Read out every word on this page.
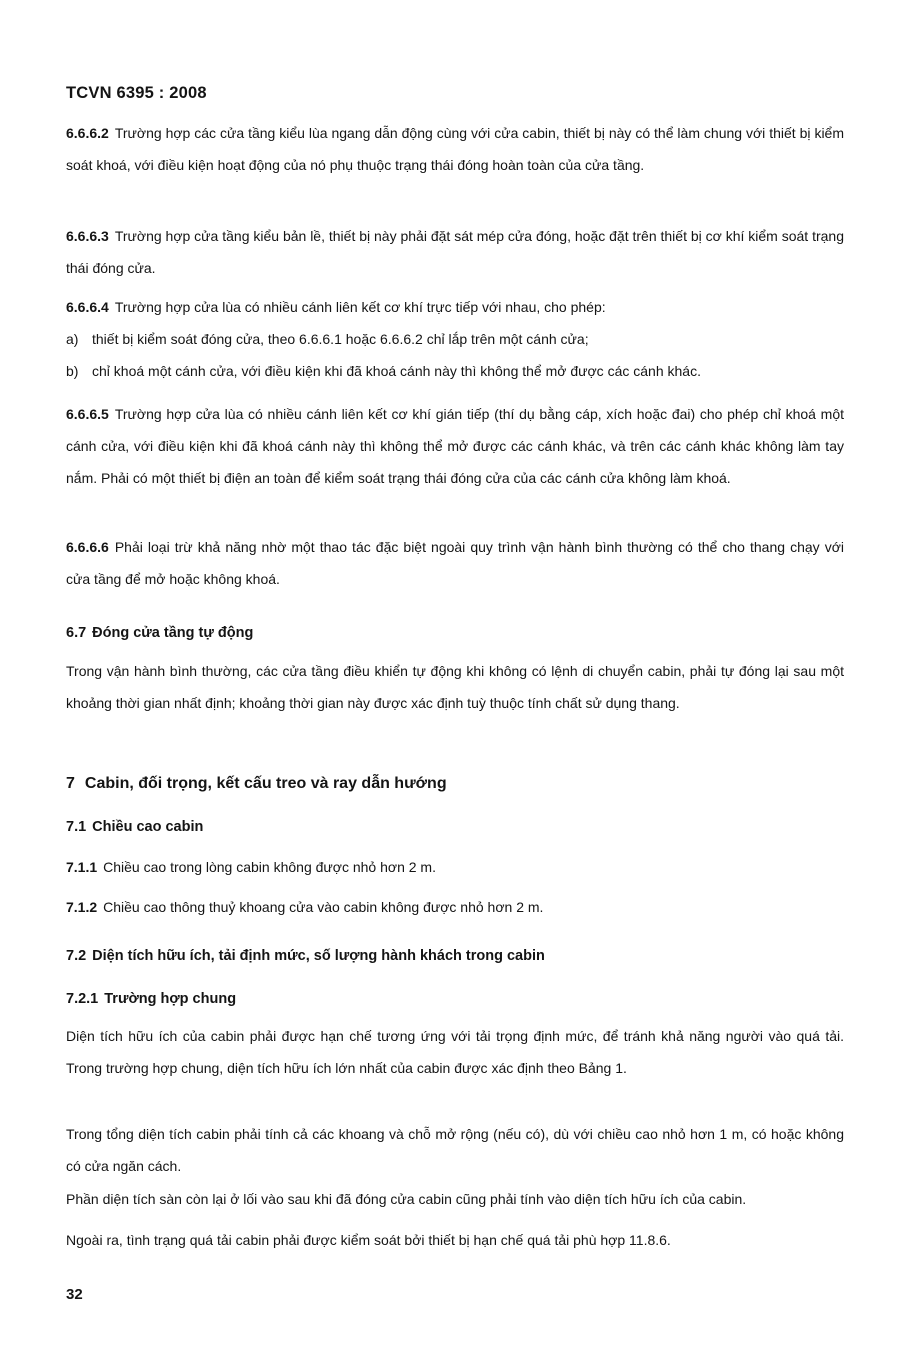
TCVN 6395 : 2008

6.6.6.2 Trường hợp các cửa tầng kiểu lùa ngang dẫn động cùng với cửa cabin, thiết bị này có thể làm chung với thiết bị kiểm soát khoá, với điều kiện hoạt động của nó phụ thuộc trạng thái đóng hoàn toàn của cửa tầng.

6.6.6.3 Trường hợp cửa tầng kiểu bản lề, thiết bị này phải đặt sát mép cửa đóng, hoặc đặt trên thiết bị cơ khí kiểm soát trạng thái đóng cửa.

6.6.6.4 Trường hợp cửa lùa có nhiều cánh liên kết cơ khí trực tiếp với nhau, cho phép:

a) thiết bị kiểm soát đóng cửa, theo 6.6.6.1 hoặc 6.6.6.2 chỉ lắp trên một cánh cửa;
b) chỉ khoá một cánh cửa, với điều kiện khi đã khoá cánh này thì không thể mở được các cánh khác.

6.6.6.5 Trường hợp cửa lùa có nhiều cánh liên kết cơ khí gián tiếp (thí dụ bằng cáp, xích hoặc đai) cho phép chỉ khoá một cánh cửa, với điều kiện khi đã khoá cánh này thì không thể mở được các cánh khác, và trên các cánh khác không làm tay nắm. Phải có một thiết bị điện an toàn để kiểm soát trạng thái đóng cửa của các cánh cửa không làm khoá.

6.6.6.6 Phải loại trừ khả năng nhờ một thao tác đặc biệt ngoài quy trình vận hành bình thường có thể cho thang chạy với cửa tầng để mở hoặc không khoá.

6.7 Đóng cửa tầng tự động

Trong vận hành bình thường, các cửa tầng điều khiển tự động khi không có lệnh di chuyển cabin, phải tự đóng lại sau một khoảng thời gian nhất định; khoảng thời gian này được xác định tuỳ thuộc tính chất sử dụng thang.

7 Cabin, đối trọng, kết cấu treo và ray dẫn hướng
7.1 Chiều cao cabin

7.1.1 Chiều cao trong lòng cabin không được nhỏ hơn 2 m.

7.1.2 Chiều cao thông thuỷ khoang cửa vào cabin không được nhỏ hơn 2 m.

7.2 Diện tích hữu ích, tải định mức, số lượng hành khách trong cabin
7.2.1 Trường hợp chung

Diện tích hữu ích của cabin phải được hạn chế tương ứng với tải trọng định mức, để tránh khả năng người vào quá tải. Trong trường hợp chung, diện tích hữu ích lớn nhất của cabin được xác định theo Bảng 1.

Trong tổng diện tích cabin phải tính cả các khoang và chỗ mở rộng (nếu có), dù với chiều cao nhỏ hơn 1 m, có hoặc không có cửa ngăn cách.

Phần diện tích sàn còn lại ở lối vào sau khi đã đóng cửa cabin cũng phải tính vào diện tích hữu ích của cabin.

Ngoài ra, tình trạng quá tải cabin phải được kiểm soát bởi thiết bị hạn chế quá tải phù hợp 11.8.6.

32
